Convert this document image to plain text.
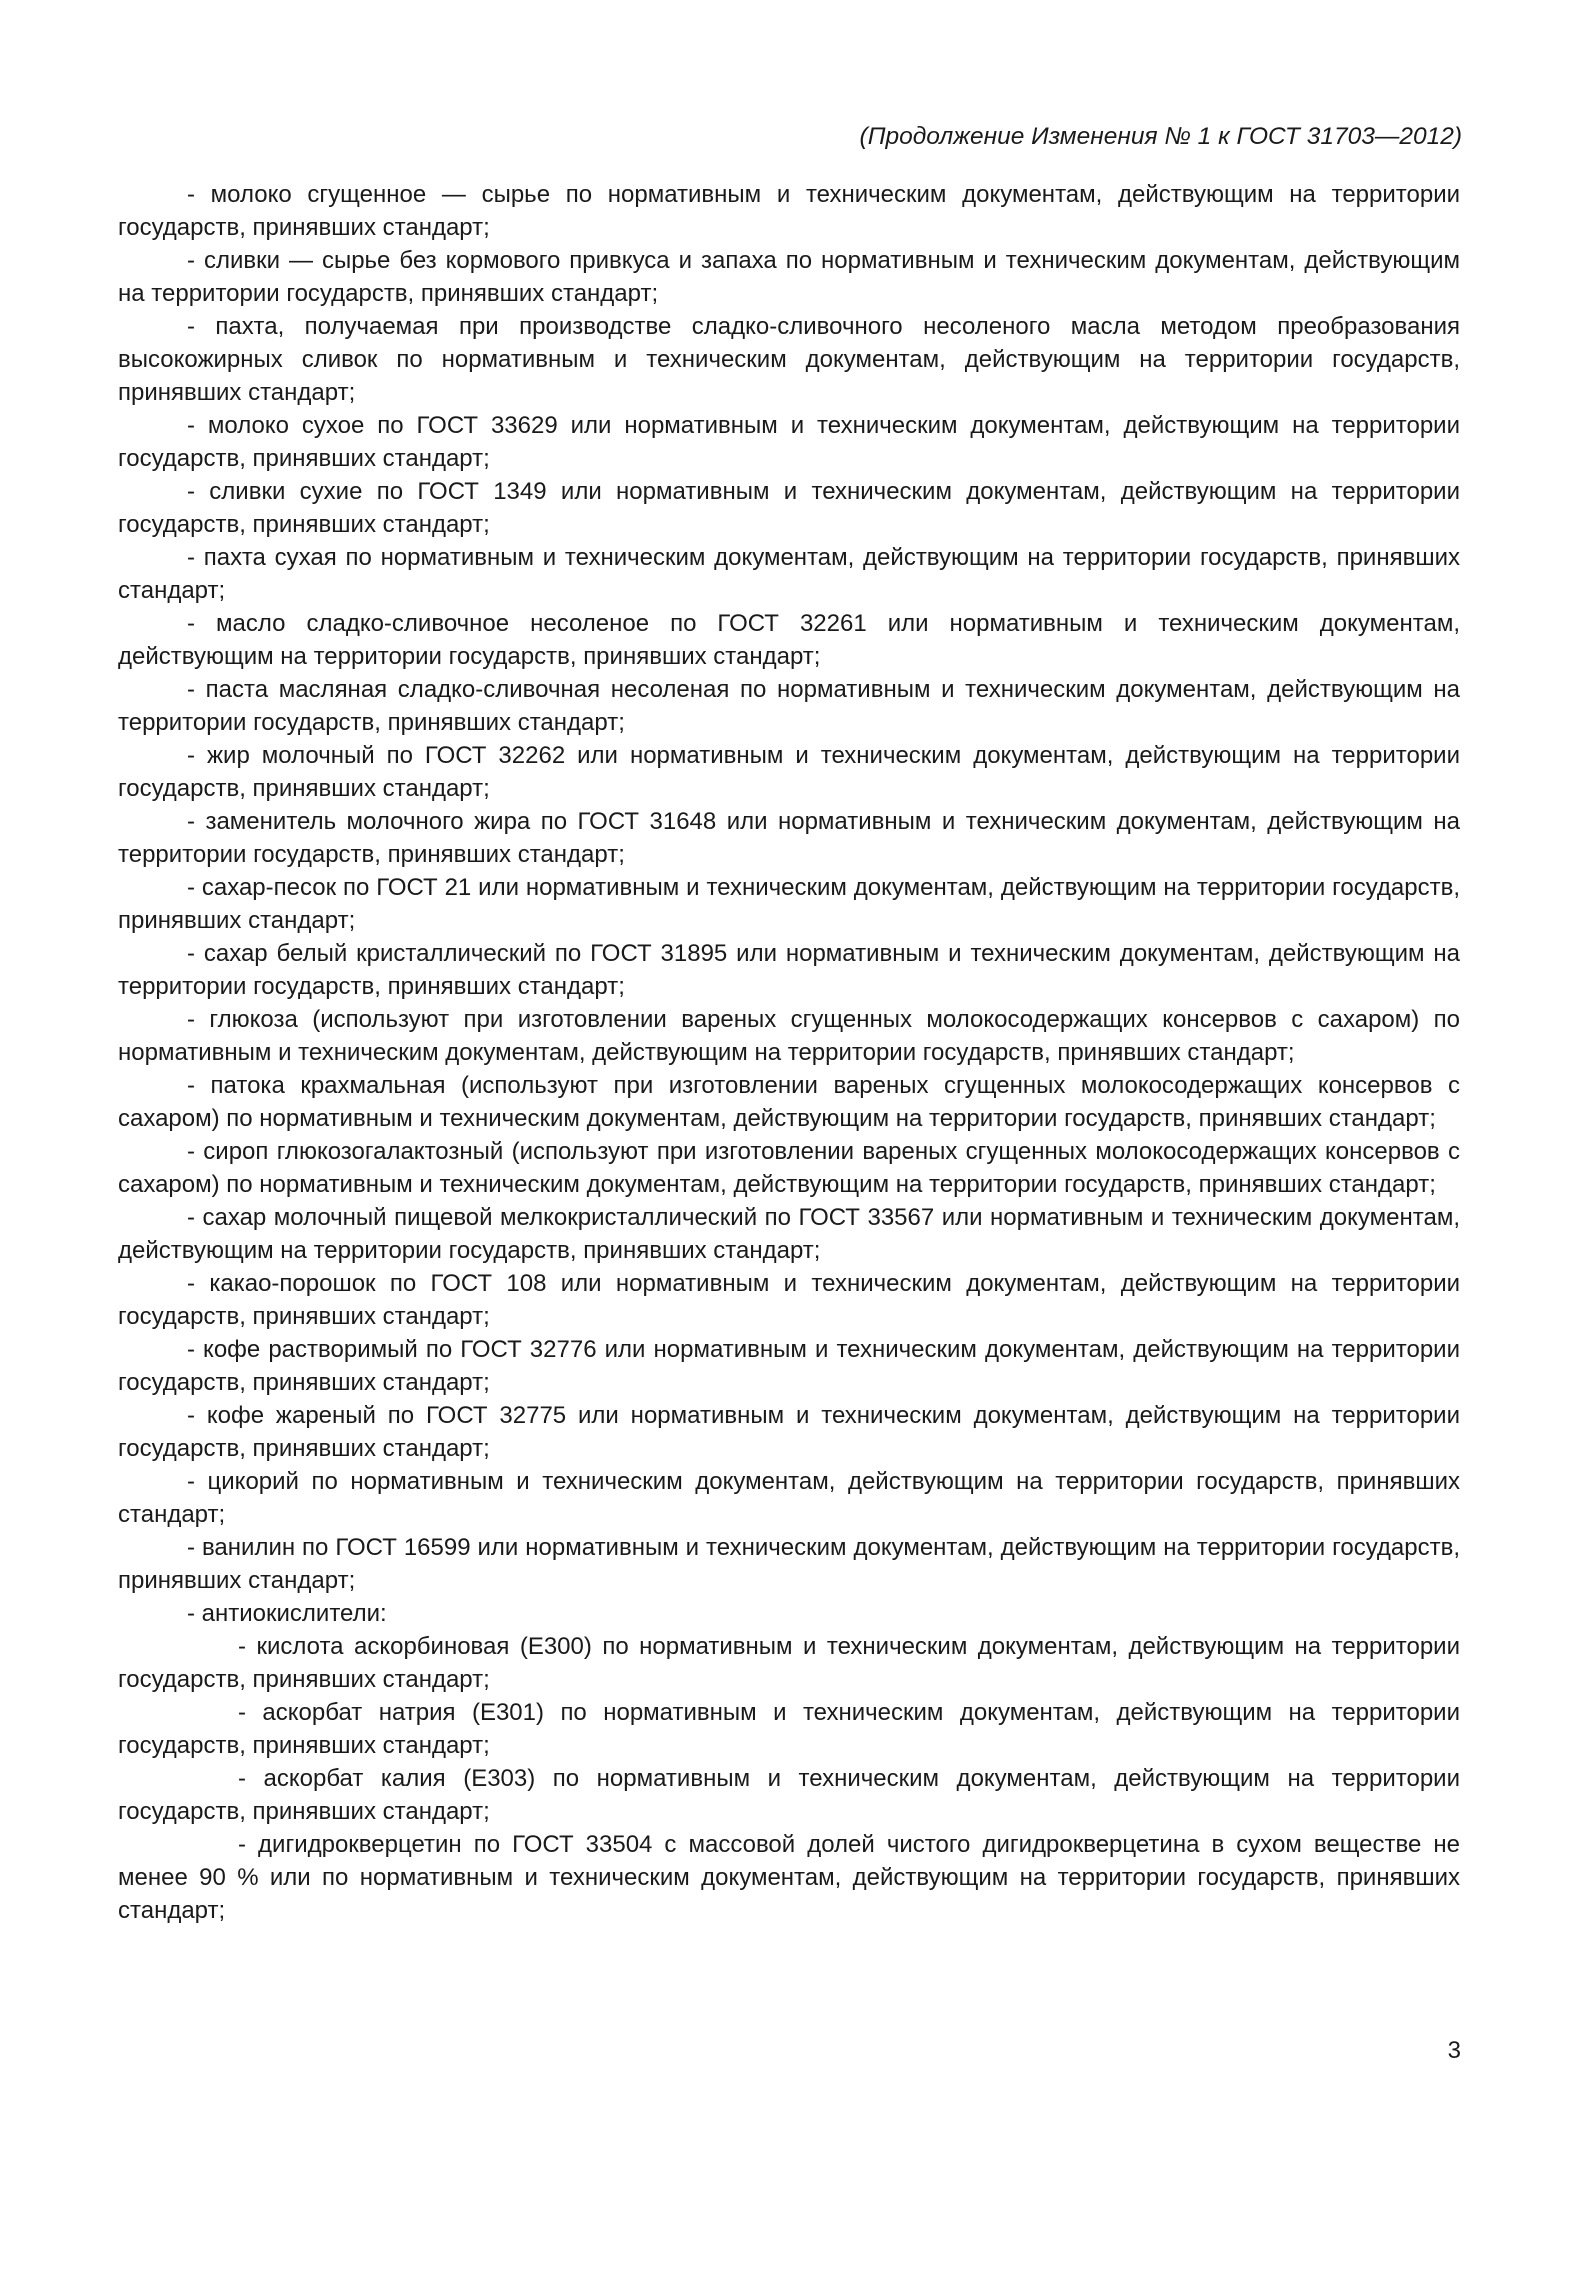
(Продолжение Изменения № 1 к ГОСТ 31703—2012)

- молоко сгущенное — сырье по нормативным и техническим документам, действующим на территории государств, принявших стандарт;

- сливки — сырье без кормового привкуса и запаха по нормативным и техническим документам, действующим на территории государств, принявших стандарт;

- пахта, получаемая при производстве сладко-сливочного несоленого масла методом преобразования высокожирных сливок по нормативным и техническим документам, действующим на территории государств, принявших стандарт;

- молоко сухое по ГОСТ 33629 или нормативным и техническим документам, действующим на территории государств, принявших стандарт;

- сливки сухие по ГОСТ 1349 или нормативным и техническим документам, действующим на территории государств, принявших стандарт;

- пахта сухая по нормативным и техническим документам, действующим на территории государств, принявших стандарт;

- масло сладко-сливочное несоленое по ГОСТ 32261 или нормативным и техническим документам, действующим на территории государств, принявших стандарт;

- паста масляная сладко-сливочная несоленая по нормативным и техническим документам, действующим на территории государств, принявших стандарт;

- жир молочный по ГОСТ 32262 или нормативным и техническим документам, действующим на территории государств, принявших стандарт;

- заменитель молочного жира по ГОСТ 31648 или нормативным и техническим документам, действующим на территории государств, принявших стандарт;

- сахар-песок по ГОСТ 21 или нормативным и техническим документам, действующим на территории государств, принявших стандарт;

- сахар белый кристаллический по ГОСТ 31895 или нормативным и техническим документам, действующим на территории государств, принявших стандарт;

- глюкоза (используют при изготовлении вареных сгущенных молокосодержащих консервов с сахаром) по нормативным и техническим документам, действующим на территории государств, принявших стандарт;

- патока крахмальная (используют при изготовлении вареных сгущенных молокосодержащих консервов с сахаром) по нормативным и техническим документам, действующим на территории государств, принявших стандарт;

- сироп глюкозогалактозный (используют при изготовлении вареных сгущенных молокосодержащих консервов с сахаром) по нормативным и техническим документам, действующим на территории государств, принявших стандарт;

- сахар молочный пищевой мелкокристаллический по ГОСТ 33567 или нормативным и техническим документам, действующим на территории государств, принявших стандарт;

- какао-порошок по ГОСТ 108 или нормативным и техническим документам, действующим на территории государств, принявших стандарт;

- кофе растворимый по ГОСТ 32776 или нормативным и техническим документам, действующим на территории государств, принявших стандарт;

- кофе жареный по ГОСТ 32775 или нормативным и техническим документам, действующим на территории государств, принявших стандарт;

- цикорий по нормативным и техническим документам, действующим на территории государств, принявших стандарт;

- ванилин по ГОСТ 16599 или нормативным и техническим документам, действующим на территории государств, принявших стандарт;

- антиокислители:

- кислота аскорбиновая (Е300) по нормативным и техническим документам, действующим на территории государств, принявших стандарт;

- аскорбат натрия (Е301) по нормативным и техническим документам, действующим на территории государств, принявших стандарт;

- аскорбат калия (Е303) по нормативным и техническим документам, действующим на территории государств, принявших стандарт;

- дигидрокверцетин по ГОСТ 33504 с массовой долей чистого дигидрокверцетина в сухом веществе не менее 90 % или по нормативным и техническим документам, действующим на территории государств, принявших стандарт;

3
